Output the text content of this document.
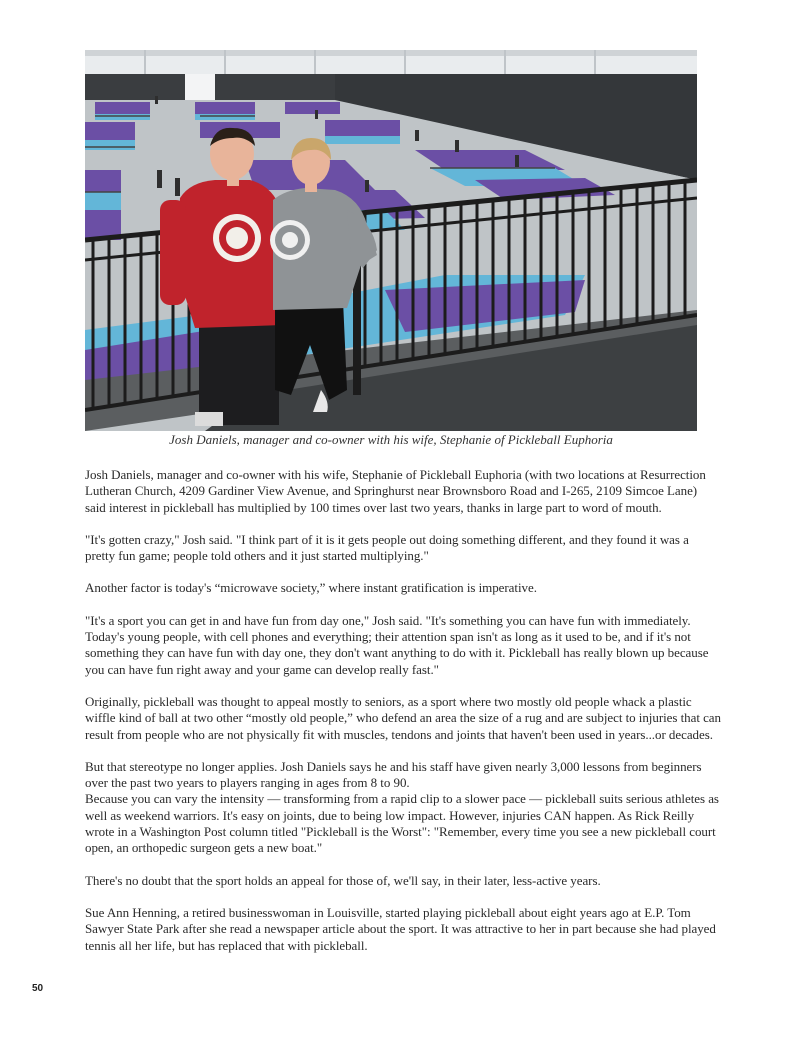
Josh Daniels, manager and co-owner with his wife, Stephanie of Pickleball Euphoria

Josh Daniels, manager and co-owner with his wife, Stephanie of Pickleball Euphoria (with two locations at Resurrection Lutheran Church, 4209 Gardiner View Avenue, and Springhurst near Brownsboro Road and I-265, 2109 Simcoe Lane) said interest in pickleball has multiplied by 100 times over last two years, thanks in large part to word of mouth.

"It's gotten crazy," Josh said. "I think part of it is it gets people out doing something different, and they found it was a pretty fun game; people told others and it just started multiplying."

Another factor is today's “microwave society,” where instant gratification is imperative.

"It's a sport you can get in and have fun from day one," Josh said. "It's something you can have fun with immediately. Today's young people, with cell phones and everything; their attention span isn't as long as it used to be, and if it's not something they can have fun with day one, they don't want anything to do with it. Pickleball has really blown up because you can have fun right away and your game can develop really fast."

Originally, pickleball was thought to appeal mostly to seniors, as a sport where two mostly old people whack a plastic wiffle kind of ball at two other “mostly old people,” who defend an area the size of a rug and are subject to injuries that can result from people who are not physically fit with muscles, tendons and joints that haven't been used in years...or decades.

But that stereotype no longer applies. Josh Daniels says he and his staff have given nearly 3,000 lessons from beginners over the past two years to players ranging in ages from 8 to 90.

Because you can vary the intensity — transforming from a rapid clip to a slower pace — pickleball suits serious athletes as well as weekend warriors. It's easy on joints, due to being low impact. However, injuries CAN happen. As Rick Reilly wrote in a Washington Post column titled "Pickleball is the Worst": "Remember, every time you see a new pickleball court open, an orthopedic surgeon gets a new boat."

There's no doubt that the sport holds an appeal for those of, we'll say, in their later, less-active years.

Sue Ann Henning, a retired businesswoman in Louisville, started playing pickleball about eight years ago at E.P. Tom Sawyer State Park after she read a newspaper article about the sport. It was attractive to her in part because she had played tennis all her life, but has replaced that with pickleball.

50
